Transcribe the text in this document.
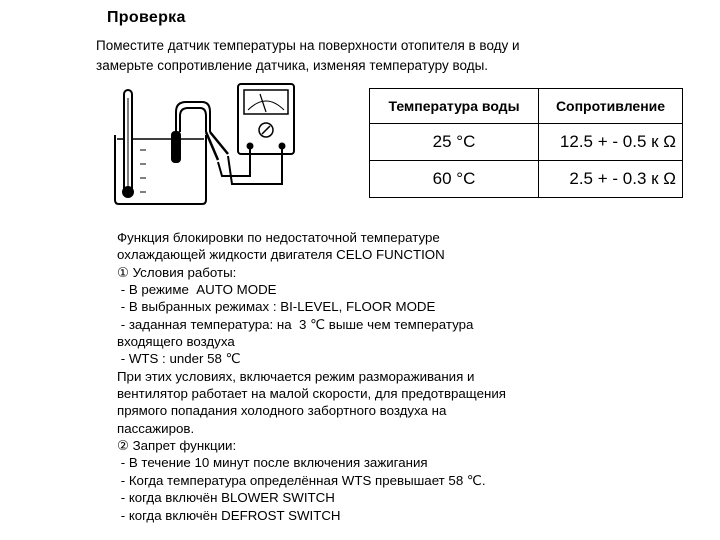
Проверка
Поместите датчик температуры на поверхности отопителя в воду и
замерьте сопротивление датчика, изменяя температуру воды.
Температура воды	Сопротивление
25 °C	12.5 + - 0.5 к Ω
60 °C	2.5 + - 0.3 к Ω
Функция блокировки по недостаточной температуре
охлаждающей жидкости двигателя CELO FUNCTION
① Условия работы:
- В режиме  AUTO MODE
- В выбранных режимах : BI-LEVEL, FLOOR MODE
- заданная температура: на  3 ℃ выше чем температура
входящего воздуха
- WTS : under 58 ℃
При этих условиях, включается режим размораживания и
вентилятор работает на малой скорости, для предотвращения
прямого попадания холодного забортного воздуха на
пассажиров.
② Запрет функции:
- В течение 10 минут после включения зажигания
- Когда температура определённая WTS превышает 58 ℃.
- когда включён BLOWER SWITCH
- когда включён DEFROST SWITCH
